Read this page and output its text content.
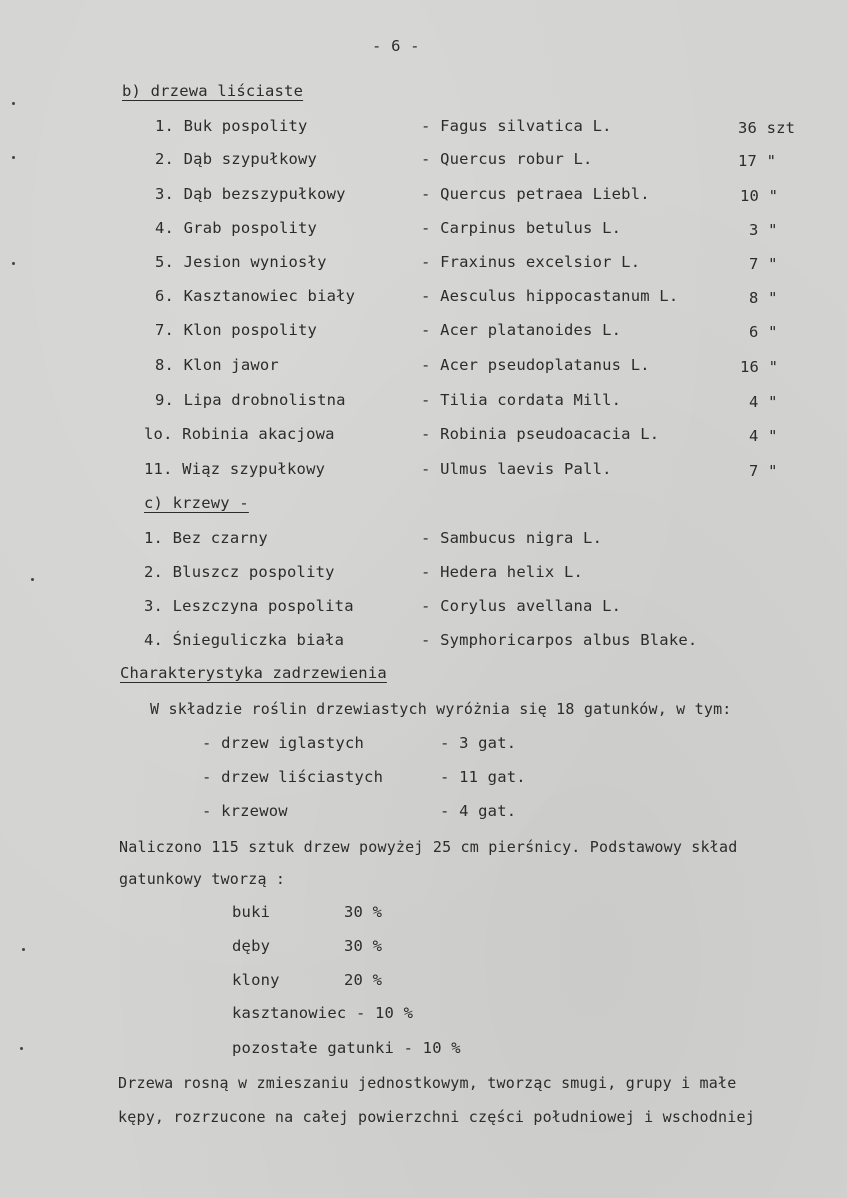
- 6 -
b) drzewa liściaste
1. Buk pospolity	- Fagus silvatica L.	36 szt
2. Dąb szypułkowy	- Quercus robur L.	17 "
3. Dąb bezszypułkowy	- Quercus petraea Liebl.	10 "
4. Grab pospolity	- Carpinus betulus L.	3 "
5. Jesion wyniosły	- Fraxinus excelsior L.	7 "
6. Kasztanowiec biały	- Aesculus hippocastanum L.	8 "
7. Klon pospolity	- Acer platanoides L.	6 "
8. Klon jawor	- Acer pseudoplatanus L.	16 "
9. Lipa drobnolistna	- Tilia cordata Mill.	4 "
lo. Robinia akacjowa	- Robinia pseudoacacia L.	4 "
11. Wiąz szypułkowy	- Ulmus laevis Pall.	7 "
c) krzewy -
1. Bez czarny	- Sambucus nigra L.
2. Bluszcz pospolity	- Hedera helix L.
3. Leszczyna pospolita	- Corylus avellana L.
4. Śnieguliczka biała	- Symphoricarpos albus Blake.
Charakterystyka zadrzewienia
W składzie roślin drzewiastych wyróżnia się 18 gatunków, w tym:
- drzew iglastych	- 3 gat.
- drzew liściastych	- 11 gat.
- krzewow	- 4 gat.
Naliczono 115 sztuk drzew powyżej 25 cm pierśnicy. Podstawowy skład
gatunkowy tworzą :
buki	30 %
dęby	30 %
klony	20 %
kasztanowiec - 10 %
pozostałe gatunki - 10 %
Drzewa rosną w zmieszaniu jednostkowym, tworząc smugi, grupy i małe
kępy, rozrzucone na całej powierzchni części południowej i wschodniej
